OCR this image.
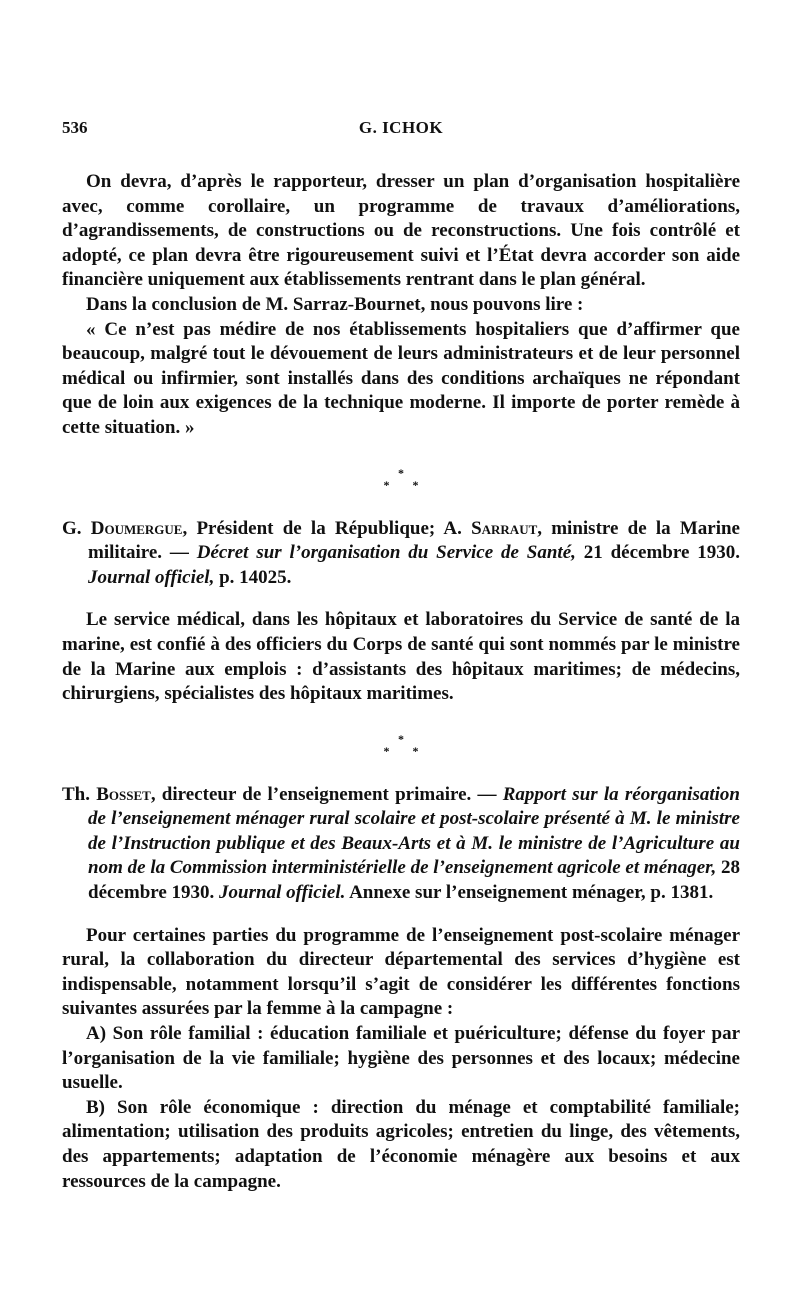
536	G. ICHOK

On devra, d’après le rapporteur, dresser un plan d’organisation hospitalière avec, comme corollaire, un programme de travaux d’améliorations, d’agrandissements, de constructions ou de reconstructions. Une fois contrôlé et adopté, ce plan devra être rigoureusement suivi et l’État devra accorder son aide financière uniquement aux établissements rentrant dans le plan général.

Dans la conclusion de M. Sarraz-Bournet, nous pouvons lire :

« Ce n’est pas médire de nos établissements hospitaliers que d’affirmer que beaucoup, malgré tout le dévouement de leurs administrateurs et de leur personnel médical ou infirmier, sont installés dans des conditions archaïques ne répondant que de loin aux exigences de la technique moderne. Il importe de porter remède à cette situation. »

*
* *
G. Doumergue, Président de la République; A. Sarraut, ministre de la Marine militaire. — Décret sur l’organisation du Service de Santé, 21 décembre 1930. Journal officiel, p. 14025.

Le service médical, dans les hôpitaux et laboratoires du Service de santé de la marine, est confié à des officiers du Corps de santé qui sont nommés par le ministre de la Marine aux emplois : d’assistants des hôpitaux maritimes; de médecins, chirurgiens, spécialistes des hôpitaux maritimes.

*
* *
Th. Bosset, directeur de l’enseignement primaire. — Rapport sur la réorganisation de l’enseignement ménager rural scolaire et post-scolaire présenté à M. le ministre de l’Instruction publique et des Beaux-Arts et à M. le ministre de l’Agriculture au nom de la Commission interministérielle de l’enseignement agricole et ménager, 28 décembre 1930. Journal officiel. Annexe sur l’enseignement ménager, p. 1381.

Pour certaines parties du programme de l’enseignement post-scolaire ménager rural, la collaboration du directeur départemental des services d’hygiène est indispensable, notamment lorsqu’il s’agit de considérer les différentes fonctions suivantes assurées par la femme à la campagne :

A) Son rôle familial : éducation familiale et puériculture; défense du foyer par l’organisation de la vie familiale; hygiène des personnes et des locaux; médecine usuelle.

B) Son rôle économique : direction du ménage et comptabilité familiale; alimentation; utilisation des produits agricoles; entretien du linge, des vêtements, des appartements; adaptation de l’économie ménagère aux besoins et aux ressources de la campagne.
